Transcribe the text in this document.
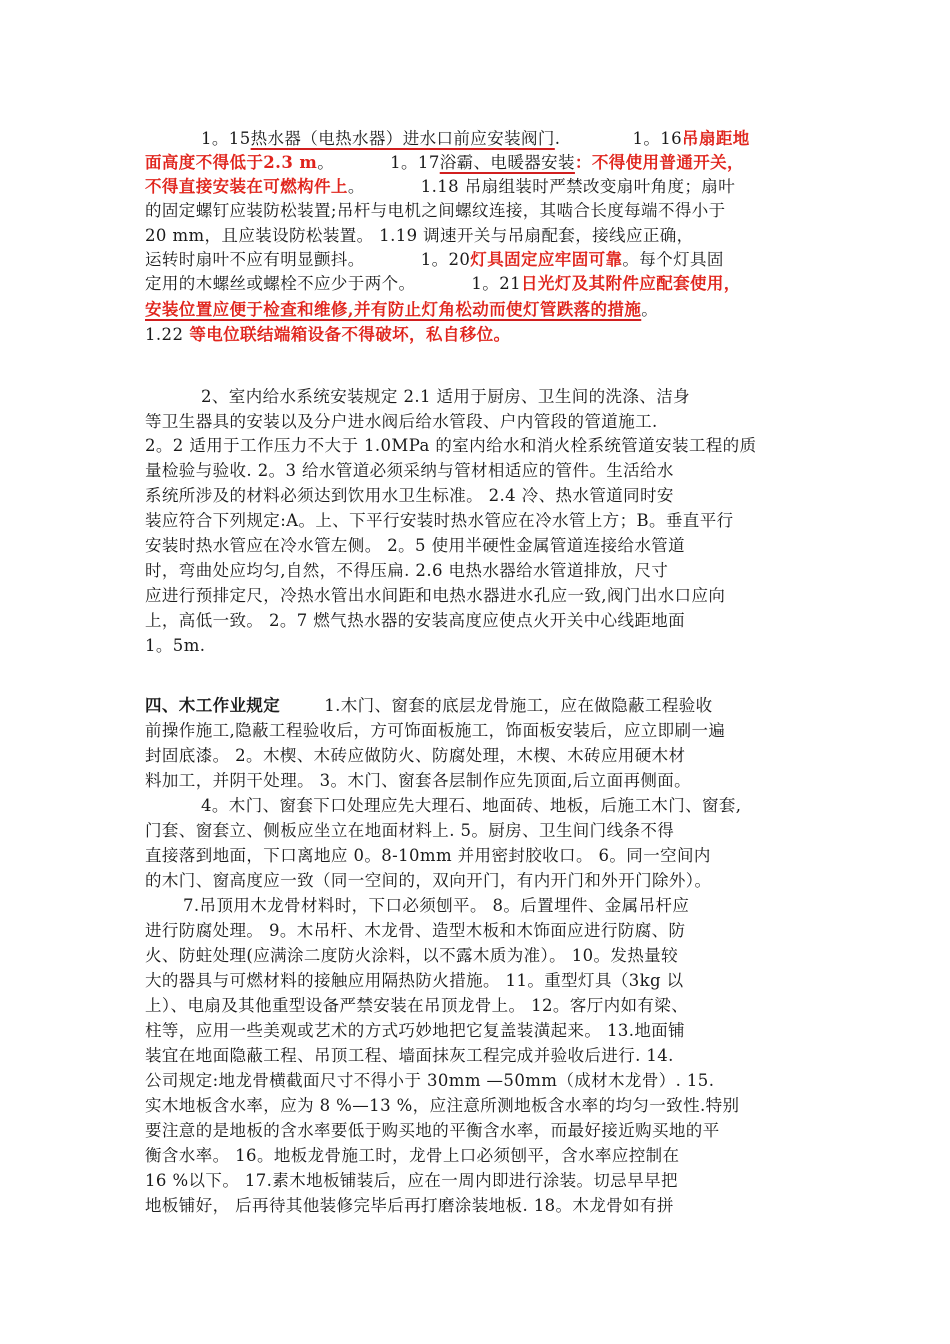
1。15热水器（电热水器）进水口前应安装阀门.	1。16吊扇距地
面高度不得低于2.3 m。	1。17浴霸、电暖器安装：不得使用普通开关，
不得直接安装在可燃构件上。	1.18 吊扇组装时严禁改变扇叶角度；扇叶
的固定螺钉应装防松装置;吊杆与电机之间螺纹连接，其啮合长度每端不得小于
20 mm，且应装设防松装置。 1.19 调速开关与吊扇配套，接线应正确，
运转时扇叶不应有明显颤抖。	1。20灯具固定应牢固可靠。每个灯具固
定用的木螺丝或螺栓不应少于两个。	1。21日光灯及其附件应配套使用，
安装位置应便于检查和维修,并有防止灯角松动而使灯管跌落的措施。
1.22 等电位联结端箱设备不得破坏，私自移位。
2、室内给水系统安装规定 2.1 适用于厨房、卫生间的洗涤、洁身
等卫生器具的安装以及分户进水阀后给水管段、户内管段的管道施工.
2。2 适用于工作压力不大于 1.0MPa 的室内给水和消火栓系统管道安装工程的质
量检验与验收. 2。3 给水管道必须采纳与管材相适应的管件。生活给水
系统所涉及的材料必须达到饮用水卫生标准。 2.4 冷、热水管道同时安
装应符合下列规定:A。上、下平行安装时热水管应在冷水管上方；B。垂直平行
安装时热水管应在冷水管左侧。 2。5 使用半硬性金属管道连接给水管道
时，弯曲处应均匀,自然，不得压扁. 2.6 电热水器给水管道排放，尺寸
应进行预排定尺，冷热水管出水间距和电热水器进水孔应一致,阀门出水口应向
上，高低一致。 2。7 燃气热水器的安装高度应使点火开关中心线距地面
1。5m.
四、木工作业规定	1.木门、窗套的底层龙骨施工，应在做隐蔽工程验收
前操作施工,隐蔽工程验收后，方可饰面板施工，饰面板安装后，应立即刷一遍
封固底漆。 2。木楔、木砖应做防火、防腐处理，木楔、木砖应用硬木材
料加工，并阴干处理。 3。木门、窗套各层制作应先顶面,后立面再侧面。
4。木门、窗套下口处理应先大理石、地面砖、地板，后施工木门、窗套,
门套、窗套立、侧板应坐立在地面材料上. 5。厨房、卫生间门线条不得
直接落到地面，下口离地应 0。8-10mm 并用密封胶收口。 6。同一空间内
的木门、窗高度应一致（同一空间的，双向开门，有内开门和外开门除外）。
7.吊顶用木龙骨材料时，下口必须刨平。 8。后置埋件、金属吊杆应
进行防腐处理。 9。木吊杆、木龙骨、造型木板和木饰面应进行防腐、防
火、防蛀处理(应满涂二度防火涂料，以不露木质为准）。 10。发热量较
大的器具与可燃材料的接触应用隔热防火措施。 11。重型灯具（3kg 以
上）、电扇及其他重型设备严禁安装在吊顶龙骨上。 12。客厅内如有梁、
柱等，应用一些美观或艺术的方式巧妙地把它复盖装潢起来。 13.地面铺
装宜在地面隐蔽工程、吊顶工程、墙面抹灰工程完成并验收后进行. 14.
公司规定:地龙骨横截面尺寸不得小于 30mm —50mm（成材木龙骨）. 15.
实木地板含水率，应为 8 %—13 %，应注意所测地板含水率的均匀一致性.特别
要注意的是地板的含水率要低于购买地的平衡含水率，而最好接近购买地的平
衡含水率。 16。地板龙骨施工时，龙骨上口必须刨平，含水率应控制在
16 %以下。 17.素木地板铺装后，应在一周内即进行涂装。切忌早早把
地板铺好， 后再待其他装修完毕后再打磨涂装地板. 18。木龙骨如有拼
